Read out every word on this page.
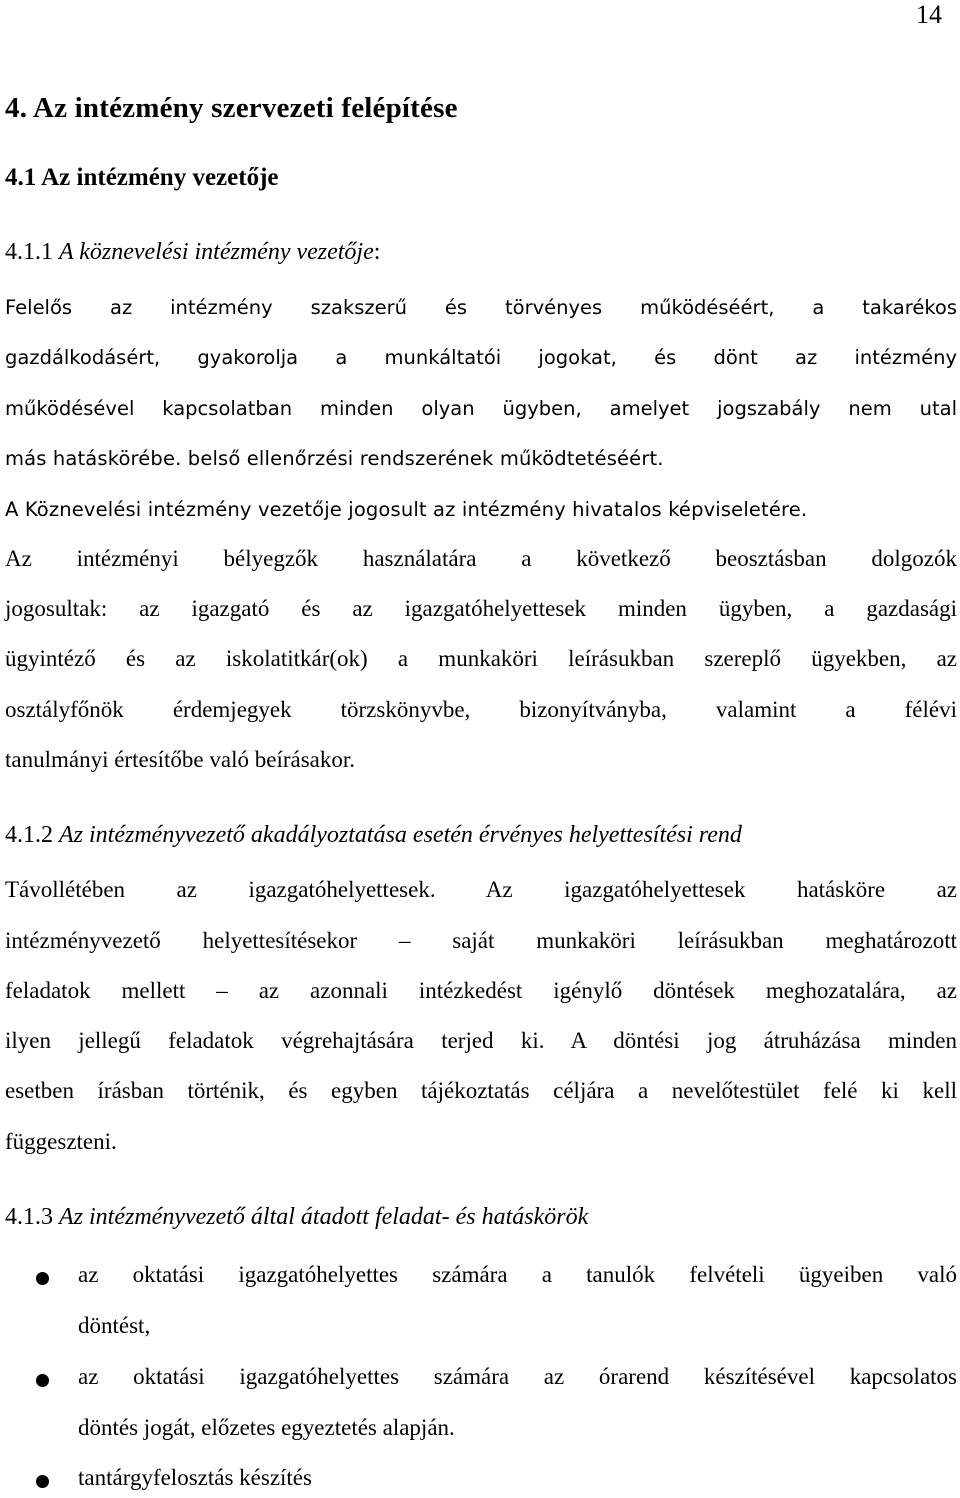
14
4. Az intézmény szervezeti felépítése
4.1 Az intézmény vezetője
4.1.1 A köznevelési intézmény vezetője:
Felelős az intézmény szakszerű és törvényes működéséért, a takarékos
gazdálkodásért, gyakorolja a munkáltatói jogokat, és dönt az intézmény
működésével kapcsolatban minden olyan ügyben, amelyet jogszabály nem utal
más hatáskörébe. belső ellenőrzési rendszerének működtetéséért.
A Köznevelési intézmény vezetője jogosult az intézmény hivatalos képviseletére.
Az intézményi bélyegzők használatára a következő beosztásban dolgozók
jogosultak: az igazgató és az igazgatóhelyettesek minden ügyben, a gazdasági
ügyintéző és az iskolatitkár(ok) a munkaköri leírásukban szereplő ügyekben, az
osztályfőnök érdemjegyek törzskönyvbe, bizonyítványba, valamint a félévi
tanulmányi értesítőbe való beírásakor.
4.1.2 Az intézményvezető akadályoztatása esetén érvényes helyettesítési rend
Távollétében az igazgatóhelyettesek. Az igazgatóhelyettesek hatásköre az
intézményvezető helyettesítésekor – saját munkaköri leírásukban meghatározott
feladatok mellett – az azonnali intézkedést igénylő döntések meghozatalára, az
ilyen jellegű feladatok végrehajtására terjed ki. A döntési jog átruházása minden
esetben írásban történik, és egyben tájékoztatás céljára a nevelőtestület felé ki kell
függeszteni.
4.1.3 Az intézményvezető által átadott feladat- és hatáskörök
az oktatási igazgatóhelyettes számára a tanulók felvételi ügyeiben való
döntést,
az oktatási igazgatóhelyettes számára az órarend készítésével kapcsolatos
döntés jogát, előzetes egyeztetés alapján.
tantárgyfelosztás készítés
